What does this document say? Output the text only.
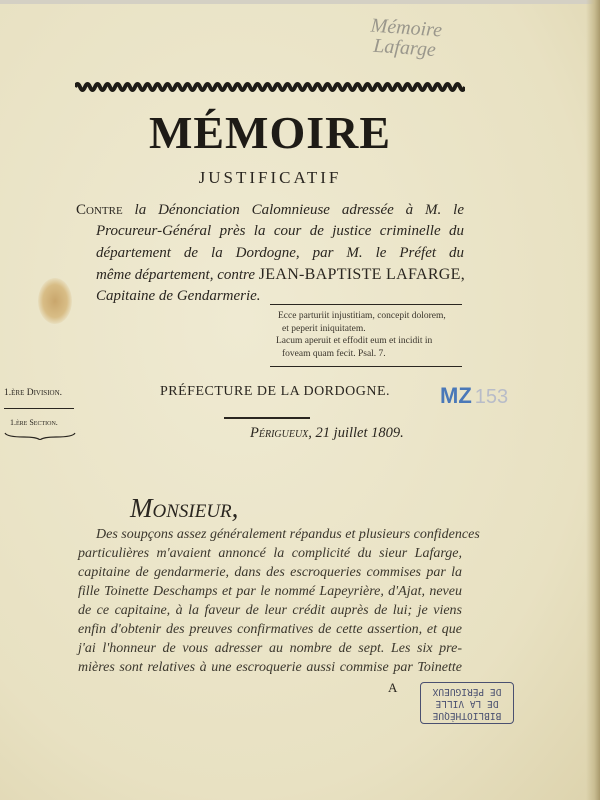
Mémoire
Lafarge
MÉMOIRE
JUSTIFICATIF
Contre la Dénonciation Calomnieuse adressée à M. le
Procureur-Général près la cour de justice criminelle du
département de la Dordogne, par M. le Préfet du
même département, contre JEAN-BAPTISTE LAFARGE,
Capitaine de Gendarmerie.
Ecce parturiit injustitiam, concepit dolorem,
et peperit iniquitatem.
Lacum aperuit et effodit eum et incidit in
foveam quam fecit. Psal. 7.
1.ère Division.
1.ère Section.
PRÉFECTURE DE LA DORDOGNE. MZ 153
Périgueux, 21 juillet 1809.
Monsieur,
Des soupçons assez généralement répandus et plusieurs confidences
particulières m'avaient annoncé la complicité du sieur Lafarge,
capitaine de gendarmerie, dans des escroqueries commises par la
fille Toinette Deschamps et par le nommé Lapeyrière, d'Ajat, neveu
de ce capitaine, à la faveur de leur crédit auprès de lui; je viens
enfin d'obtenir des preuves confirmatives de cette assertion, et que
j'ai l'honneur de vous adresser au nombre de sept. Les six pre-
mières sont relatives à une escroquerie aussi commise par Toinette
A
BIBLIOTHÈQUE
DE LA VILLE
DE PÉRIGUEUX
